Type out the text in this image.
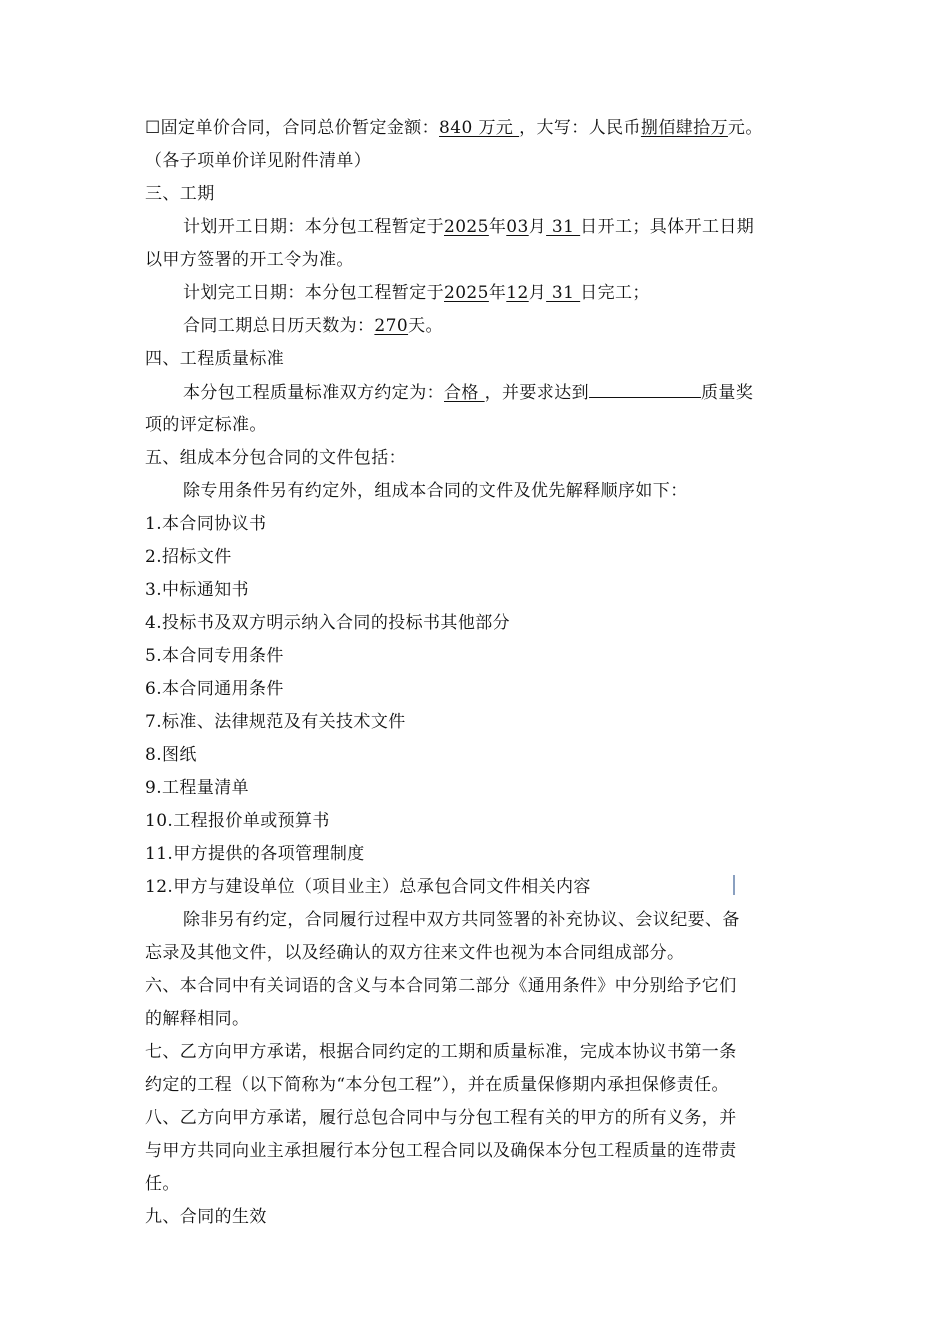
☐固定单价合同，合同总价暂定金额：840 万元 ，大写：人民币捌佰肆拾万元。
（各子项单价详见附件清单）
三、工期
计划开工日期：本分包工程暂定于2025年03月 31 日开工；具体开工日期
以甲方签署的开工令为准。
计划完工日期：本分包工程暂定于2025年12月 31 日完工；
合同工期总日历天数为：270天。
四、工程质量标准
本分包工程质量标准双方约定为：合格 ，并要求达到	质量奖
项的评定标准。
五、组成本分包合同的文件包括：
除专用条件另有约定外，组成本合同的文件及优先解释顺序如下：
1.本合同协议书
2.招标文件
3.中标通知书
4.投标书及双方明示纳入合同的投标书其他部分
5.本合同专用条件
6.本合同通用条件
7.标准、法律规范及有关技术文件
8.图纸
9.工程量清单
10.工程报价单或预算书
11.甲方提供的各项管理制度
12.甲方与建设单位（项目业主）总承包合同文件相关内容
除非另有约定，合同履行过程中双方共同签署的补充协议、会议纪要、备
忘录及其他文件，以及经确认的双方往来文件也视为本合同组成部分。
六、本合同中有关词语的含义与本合同第二部分《通用条件》中分别给予它们
的解释相同。
七、乙方向甲方承诺，根据合同约定的工期和质量标准，完成本协议书第一条
约定的工程（以下简称为“本分包工程”），并在质量保修期内承担保修责任。
八、乙方向甲方承诺，履行总包合同中与分包工程有关的甲方的所有义务，并
与甲方共同向业主承担履行本分包工程合同以及确保本分包工程质量的连带责
任。
九、合同的生效
